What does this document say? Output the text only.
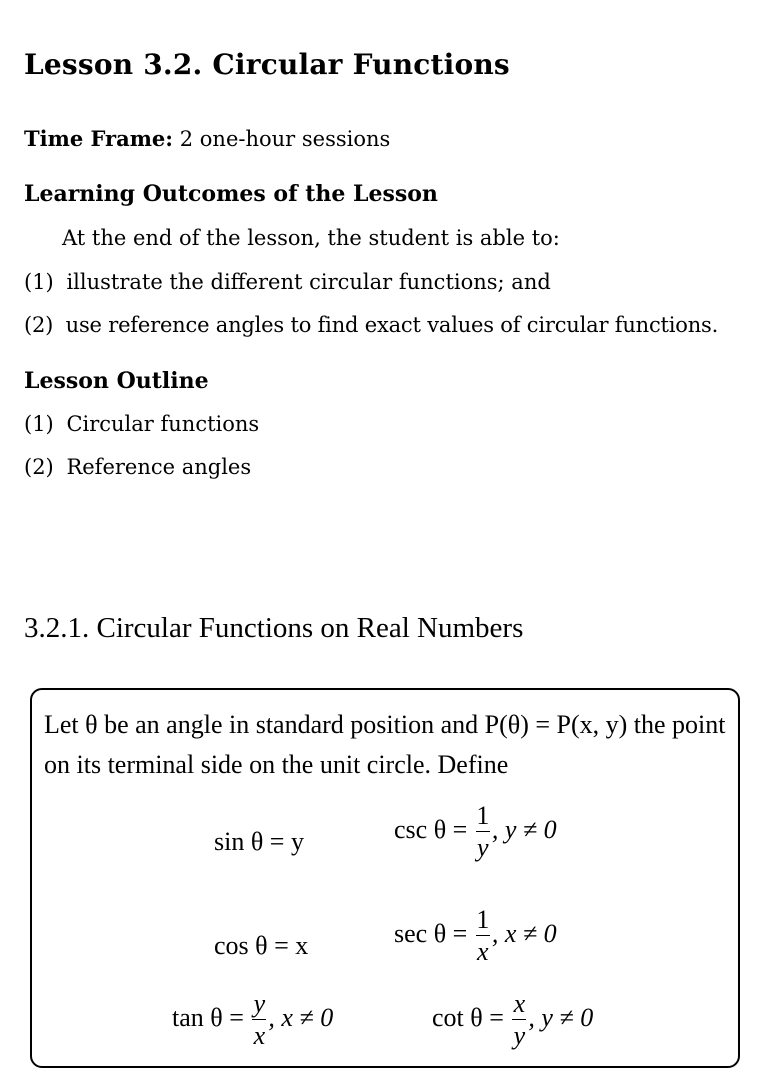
Lesson 3.2. Circular Functions
Time Frame: 2 one-hour sessions
Learning Outcomes of the Lesson
At the end of the lesson, the student is able to:
(1) illustrate the different circular functions; and
(2) use reference angles to find exact values of circular functions.
Lesson Outline
(1) Circular functions
(2) Reference angles
3.2.1. Circular Functions on Real Numbers
Let θ be an angle in standard position and P(θ) = P(x, y) the point
on its terminal side on the unit circle. Define
sin θ = y	$\csc \theta = \frac{1}{y}$ , y ≠ 0
cos θ = x	$\sec \theta = \frac{1}{x}$ , x ≠ 0
$\tan \theta = \frac{y}{x}$ , x ≠ 0	$\cot \theta = \frac{x}{y}$ , y ≠ 0
